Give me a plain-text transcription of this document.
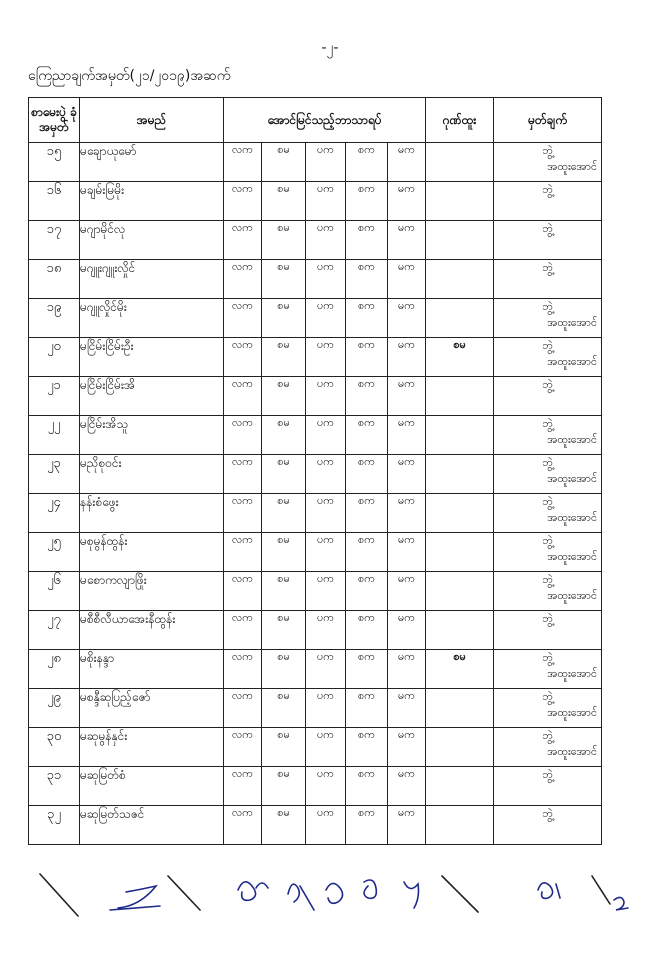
-၂-
ကြေညာချက်အမှတ်(၂၁/၂၀၁၉)အဆက်
စာမေးပွဲ ခုံအမှတ်	အမည်	အောင်မြင်သည့်ဘာသာရပ်					ဂုဏ်ထူး	မှတ်ချက်
၁၅	မချောယုမော်	လက	စမ	ပက	စက	မက		ဘွဲ့
အထူးအောင်

၁၆	မချမ်းမြမိုး	လက	စမ	ပက	စက	မက		ဘွဲ့

၁၇	မဂျာမိုင်လု	လက	စမ	ပက	စက	မက		ဘွဲ့

၁၈	မဂျူးဂျူးလှိုင်	လက	စမ	ပက	စက	မက		ဘွဲ့

၁၉	မဂျူလှိုင်မိုး	လက	စမ	ပက	စက	မက		ဘွဲ့
အထူးအောင်

၂၀	မငြိမ်းငြိမ်းဦး	လက	စမ	ပက	စက	မက	စမ	ဘွဲ့
အထူးအောင်

၂၁	မငြိမ်းငြိမ်းအိ	လက	စမ	ပက	စက	မက		ဘွဲ့

၂၂	မငြိမ်းအိသူ	လက	စမ	ပက	စက	မက		ဘွဲ့
အထူးအောင်

၂၃	မညိုစုဝင်း	လက	စမ	ပက	စက	မက		ဘွဲ့
အထူးအောင်

၂၄	နန်းစံဖွေး	လက	စမ	ပက	စက	မက		ဘွဲ့
အထူးအောင်

၂၅	မစုမွန်ထွန်း	လက	စမ	ပက	စက	မက		ဘွဲ့
အထူးအောင်

၂၆	မစောကလျာဖြိုး	လက	စမ	ပက	စက	မက		ဘွဲ့
အထူးအောင်

၂၇	မစီစီလီယာအေးနီထွန်း	လက	စမ	ပက	စက	မက		ဘွဲ့

၂၈	မစိုးနန္ဒာ	လက	စမ	ပက	စက	မက	စမ	ဘွဲ့
အထူးအောင်

၂၉	မစန္ဒီဆုပြည့်ဇော်	လက	စမ	ပက	စက	မက		ဘွဲ့
အထူးအောင်

၃၀	မဆုမွန်နှင်း	လက	စမ	ပက	စက	မက		ဘွဲ့
အထူးအောင်

၃၁	မဆုမြတ်စံ	လက	စမ	ပက	စက	မက		ဘွဲ့

၃၂	မဆုမြတ်သဇင်	လက	စမ	ပက	စက	မက		ဘွဲ့
